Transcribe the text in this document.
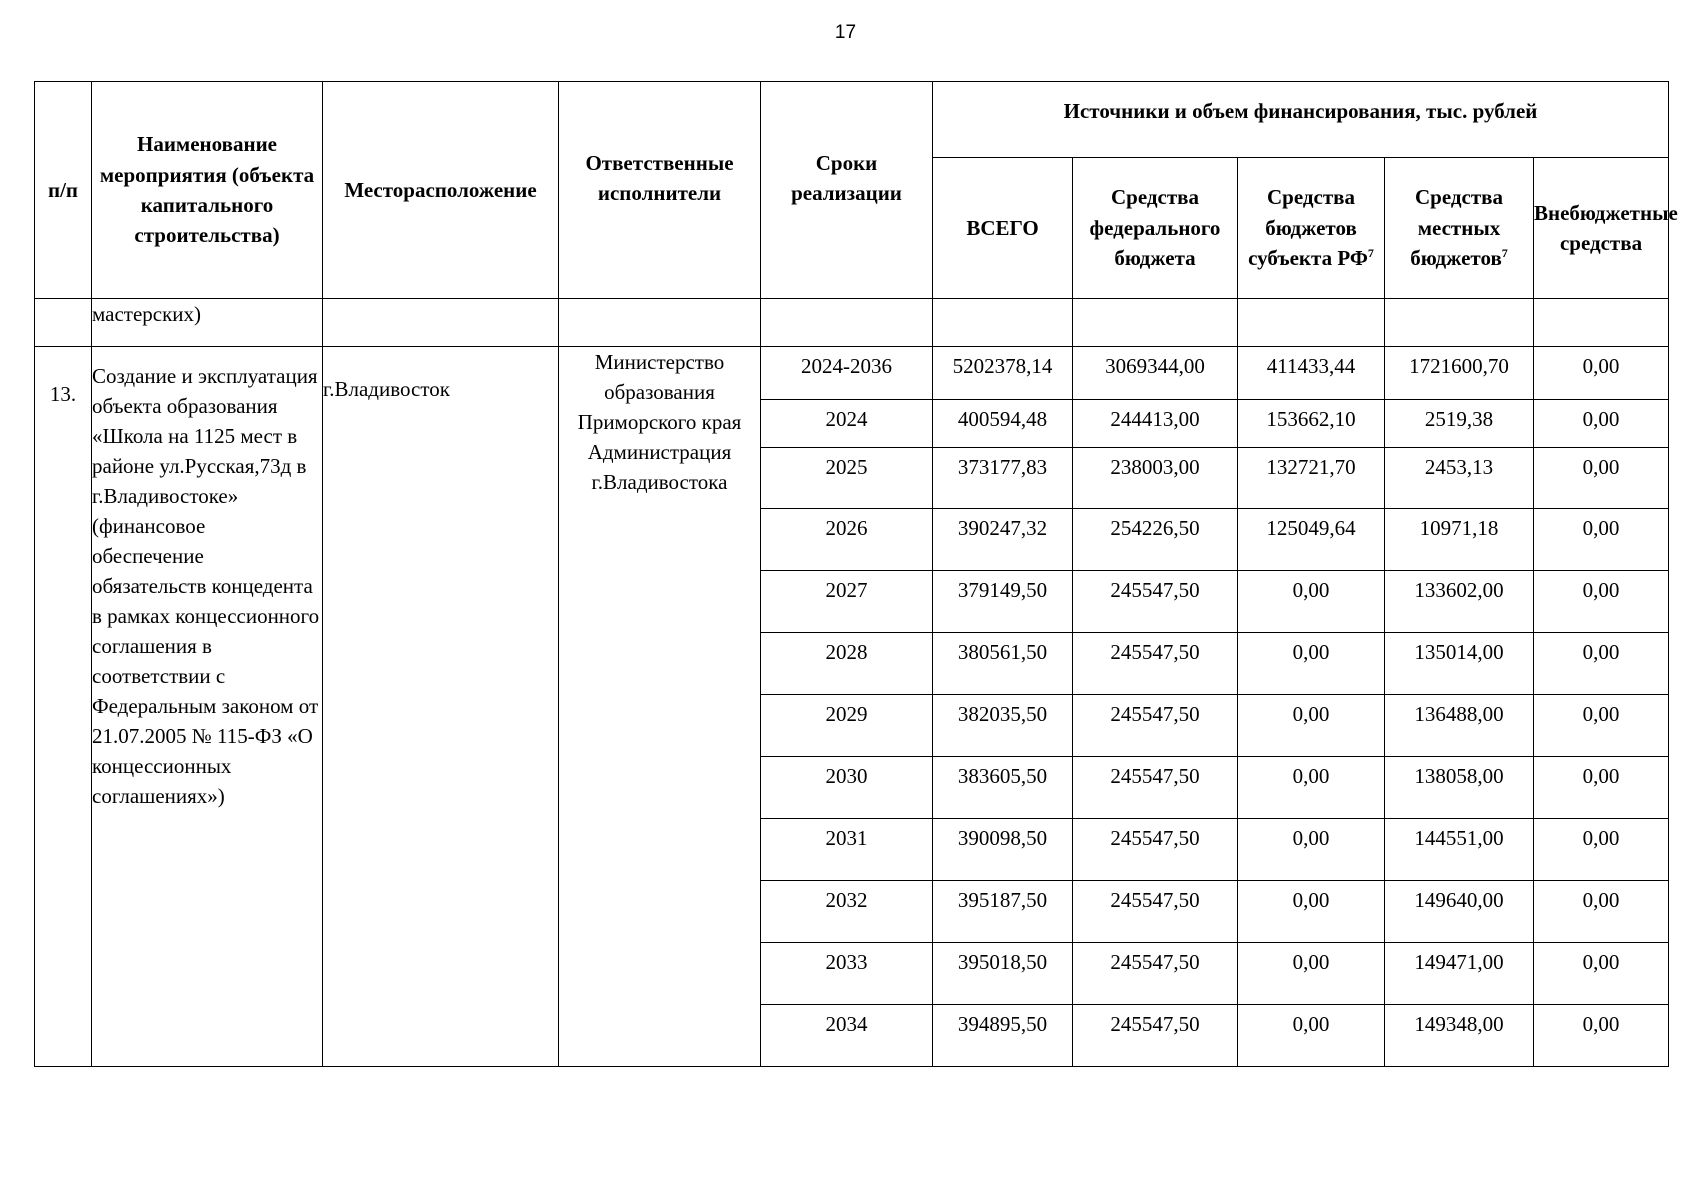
17
п/п	Наименование мероприятия (объекта капитального строительства)	Месторасположение	Ответственные исполнители	Сроки реализации	Источники и объем финансирования, тыс. рублей				
					ВСЕГО	Средства федерального бюджета	Средства бюджетов субъекта $РФ^7$	Средства местных бюджетов$^7$	Внебюджетные средства
	мастерских)								
13.	Создание и эксплуатация объекта образования «Школа на 1125 мест в районе ул.Русская,73д в г.Владивостоке» (финансовое обеспечение обязательств концедента в рамках концессионного соглашения в соответствии с Федеральным законом от 21.07.2005 № 115-ФЗ «О концессионных соглашениях»)	г.Владивосток	Министерство образования Приморского края Администрация г.Владивостока	2024-2036	5202378,14	3069344,00	411433,44	1721600,70	0,00
				2024	400594,48	244413,00	153662,10	2519,38	0,00
				2025	373177,83	238003,00	132721,70	2453,13	0,00
				2026	390247,32	254226,50	125049,64	10971,18	0,00
				2027	379149,50	245547,50	0,00	133602,00	0,00
				2028	380561,50	245547,50	0,00	135014,00	0,00
				2029	382035,50	245547,50	0,00	136488,00	0,00
				2030	383605,50	245547,50	0,00	138058,00	0,00
				2031	390098,50	245547,50	0,00	144551,00	0,00
				2032	395187,50	245547,50	0,00	149640,00	0,00
				2033	395018,50	245547,50	0,00	149471,00	0,00
				2034	394895,50	245547,50	0,00	149348,00	0,00
